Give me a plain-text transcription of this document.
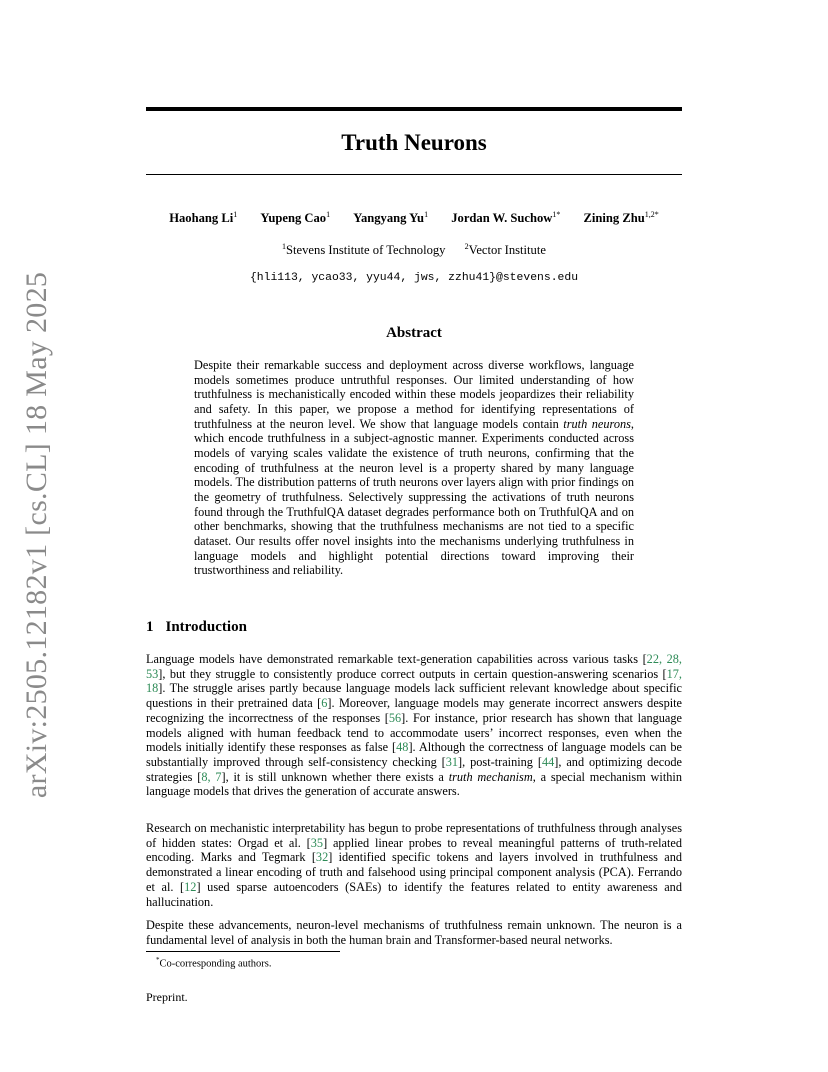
arXiv:2505.12182v1 [cs.CL] 18 May 2025
Truth Neurons
Haohang Li$^1$ Yupeng Cao$^1$ Yangyang Yu$^1$ Jordan W. Suchow$^{1*}$ Zining Zhu$^{1,2*}$
$^1$Stevens Institute of Technology $^2$Vector Institute
{hli113, ycao33, yyu44, jws, zzhu41}@stevens.edu
Abstract

Despite their remarkable success and deployment across diverse workflows, language models sometimes produce untruthful responses. Our limited understanding of how truthfulness is mechanistically encoded within these models jeopardizes their reliability and safety. In this paper, we propose a method for identifying representations of truthfulness at the neuron level. We show that language models contain truth neurons, which encode truthfulness in a subject-agnostic manner. Experiments conducted across models of varying scales validate the existence of truth neurons, confirming that the encoding of truthfulness at the neuron level is a property shared by many language models. The distribution patterns of truth neurons over layers align with prior findings on the geometry of truthfulness. Selectively suppressing the activations of truth neurons found through the TruthfulQA dataset degrades performance both on TruthfulQA and on other benchmarks, showing that the truthfulness mechanisms are not tied to a specific dataset. Our results offer novel insights into the mechanisms underlying truthfulness in language models and highlight potential directions toward improving their trustworthiness and reliability.

1 Introduction

Language models have demonstrated remarkable text-generation capabilities across various tasks [22, 28, 53], but they struggle to consistently produce correct outputs in certain question-answering scenarios [17, 18]. The struggle arises partly because language models lack sufficient relevant knowledge about specific questions in their pretrained data [6]. Moreover, language models may generate incorrect answers despite recognizing the incorrectness of the responses [56]. For instance, prior research has shown that language models aligned with human feedback tend to accommodate users’ incorrect responses, even when the models initially identify these responses as false [48]. Although the correctness of language models can be substantially improved through self-consistency checking [31], post-training [44], and optimizing decode strategies [8, 7], it is still unknown whether there exists a truth mechanism, a special mechanism within language models that drives the generation of accurate answers.

Research on mechanistic interpretability has begun to probe representations of truthfulness through analyses of hidden states: Orgad et al. [35] applied linear probes to reveal meaningful patterns of truth-related encoding. Marks and Tegmark [32] identified specific tokens and layers involved in truthfulness and demonstrated a linear encoding of truth and falsehood using principal component analysis (PCA). Ferrando et al. [12] used sparse autoencoders (SAEs) to identify the features related to entity awareness and hallucination.

Despite these advancements, neuron-level mechanisms of truthfulness remain unknown. The neuron is a fundamental level of analysis in both the human brain and Transformer-based neural networks.

*Co-corresponding authors.

Preprint.
